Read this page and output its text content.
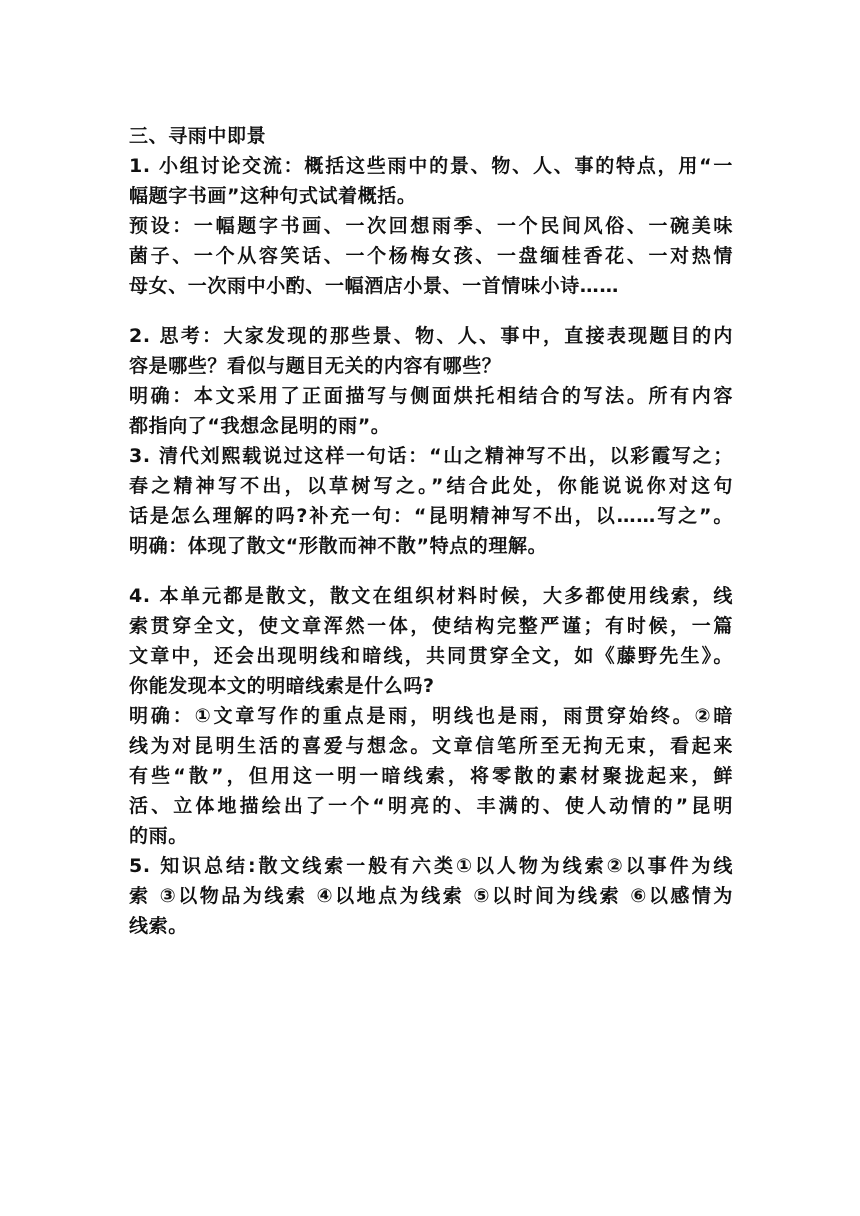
三、寻雨中即景
1. 小组讨论交流：概括这些雨中的景、物、人、事的特点，用“一
幅题字书画”这种句式试着概括。
预设：一幅题字书画、一次回想雨季、一个民间风俗、一碗美味
菌子、一个从容笑话、一个杨梅女孩、一盘缅桂香花、一对热情
母女、一次雨中小酌、一幅酒店小景、一首情味小诗……
2. 思考：大家发现的那些景、物、人、事中，直接表现题目的内
容是哪些？看似与题目无关的内容有哪些？
明确：本文采用了正面描写与侧面烘托相结合的写法。所有内容
都指向了“我想念昆明的雨”。
3. 清代刘熙载说过这样一句话：“山之精神写不出，以彩霞写之；
春之精神写不出，以草树写之。”结合此处，你能说说你对这句
话是怎么理解的吗?补充一句：“昆明精神写不出，以……写之”。
明确：体现了散文“形散而神不散”特点的理解。
4. 本单元都是散文，散文在组织材料时候，大多都使用线索，线
索贯穿全文，使文章浑然一体，使结构完整严谨；有时候，一篇
文章中，还会出现明线和暗线，共同贯穿全文，如《藤野先生》。
你能发现本文的明暗线索是什么吗?
明确：①文章写作的重点是雨，明线也是雨，雨贯穿始终。②暗
线为对昆明生活的喜爱与想念。文章信笔所至无拘无束，看起来
有些“散”，但用这一明一暗线索，将零散的素材聚拢起来，鲜
活、立体地描绘出了一个“明亮的、丰满的、使人动情的”昆明
的雨。
5. 知识总结:散文线索一般有六类①以人物为线索②以事件为线
索 ③以物品为线索 ④以地点为线索 ⑤以时间为线索 ⑥以感情为
线索。
